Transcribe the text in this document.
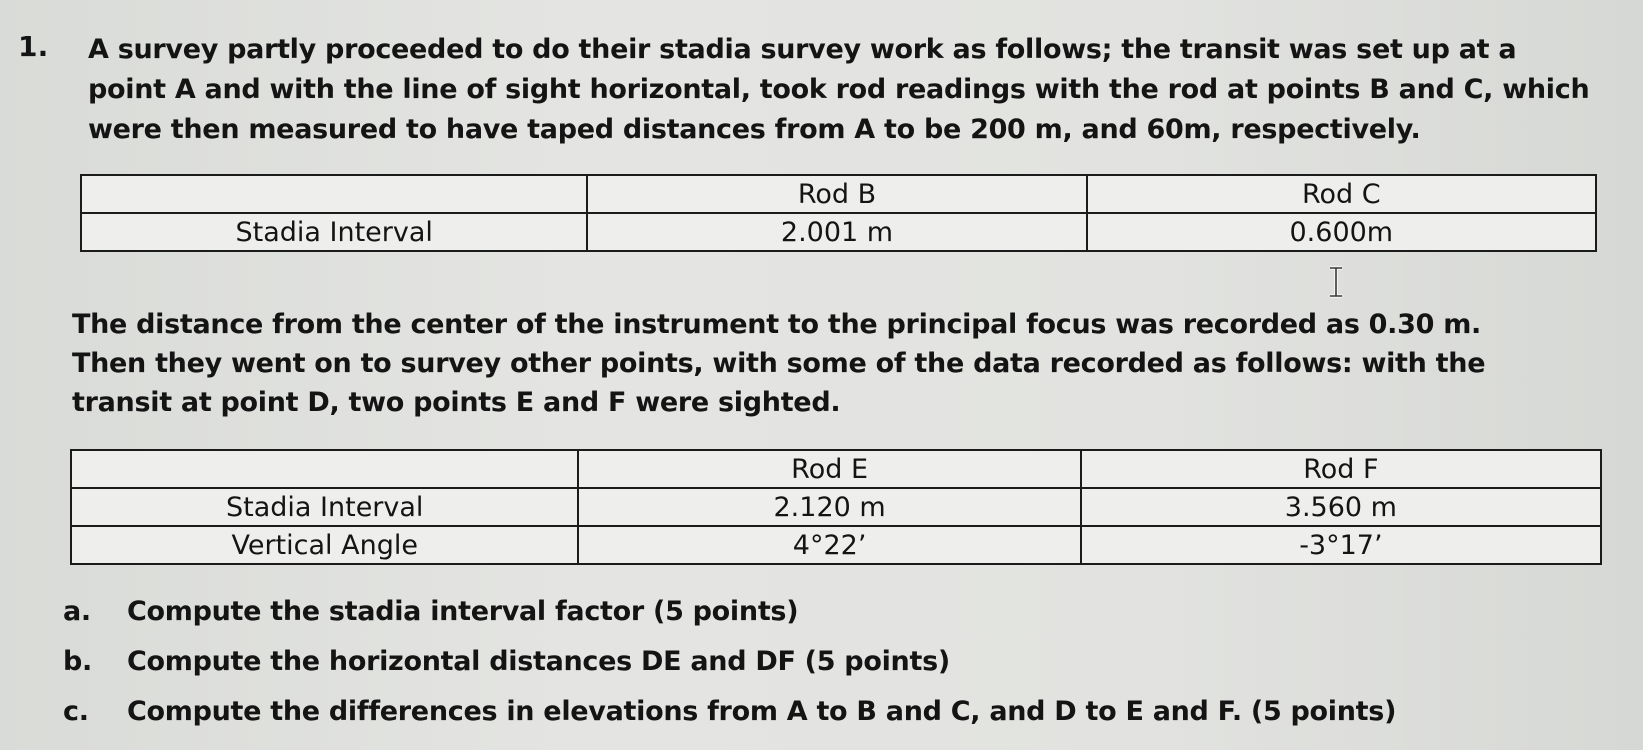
1. A survey partly proceeded to do their stadia survey work as follows; the transit was set up at a
point A and with the line of sight horizontal, took rod readings with the rod at points B and C, which
were then measured to have taped distances from A to be 200 m, and 60m, respectively.
	Rod B	Rod C
Stadia Interval	2.001 m	0.600m
The distance from the center of the instrument to the principal focus was recorded as 0.30 m.
Then they went on to survey other points, with some of the data recorded as follows: with the
transit at point D, two points E and F were sighted.
	Rod E	Rod F
Stadia Interval	2.120 m	3.560 m
Vertical Angle	4°22’	-3°17’
a. Compute the stadia interval factor (5 points)
b. Compute the horizontal distances DE and DF (5 points)
c. Compute the differences in elevations from A to B and C, and D to E and F. (5 points)
